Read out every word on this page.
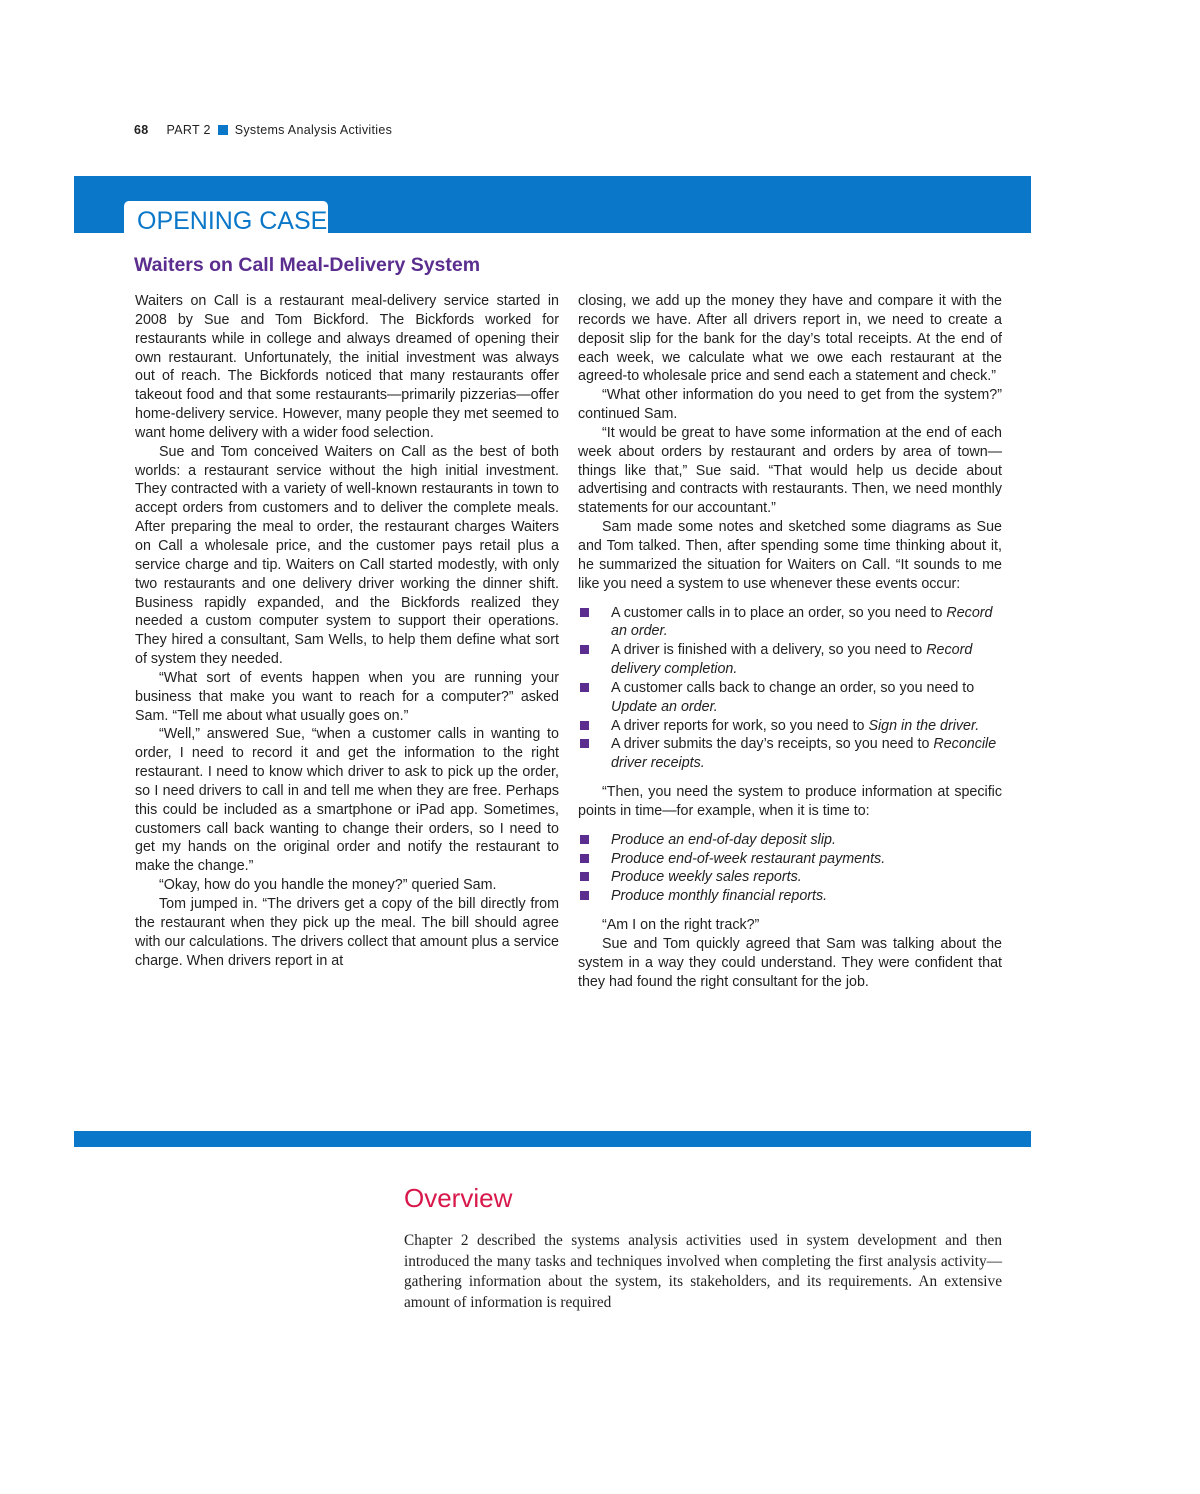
68 PART 2 Systems Analysis Activities
OPENING CASE
Waiters on Call Meal-Delivery System

Waiters on Call is a restaurant meal-delivery service started in 2008 by Sue and Tom Bickford. The Bickfords worked for restaurants while in college and always dreamed of opening their own restaurant. Unfortunately, the initial investment was always out of reach. The Bickfords noticed that many restaurants offer takeout food and that some restaurants—primarily pizzerias—offer home-delivery service. However, many people they met seemed to want home delivery with a wider food selection.

Sue and Tom conceived Waiters on Call as the best of both worlds: a restaurant service without the high initial investment. They contracted with a variety of well-known restaurants in town to accept orders from customers and to deliver the complete meals. After preparing the meal to order, the restaurant charges Waiters on Call a wholesale price, and the customer pays retail plus a service charge and tip. Waiters on Call started modestly, with only two restaurants and one delivery driver working the dinner shift. Business rapidly expanded, and the Bickfords realized they needed a custom computer system to support their operations. They hired a consultant, Sam Wells, to help them define what sort of system they needed.

“What sort of events happen when you are running your business that make you want to reach for a computer?” asked Sam. “Tell me about what usually goes on.”

“Well,” answered Sue, “when a customer calls in wanting to order, I need to record it and get the information to the right restaurant. I need to know which driver to ask to pick up the order, so I need drivers to call in and tell me when they are free. Perhaps this could be included as a smartphone or iPad app. Sometimes, customers call back wanting to change their orders, so I need to get my hands on the original order and notify the restaurant to make the change.”

“Okay, how do you handle the money?” queried Sam.

Tom jumped in. “The drivers get a copy of the bill directly from the restaurant when they pick up the meal. The bill should agree with our calculations. The drivers collect that amount plus a service charge. When drivers report in at

closing, we add up the money they have and compare it with the records we have. After all drivers report in, we need to create a deposit slip for the bank for the day’s total receipts. At the end of each week, we calculate what we owe each restaurant at the agreed-to wholesale price and send each a statement and check.”

“What other information do you need to get from the system?” continued Sam.

“It would be great to have some information at the end of each week about orders by restaurant and orders by area of town—things like that,” Sue said. “That would help us decide about advertising and contracts with restaurants. Then, we need monthly statements for our accountant.”

Sam made some notes and sketched some diagrams as Sue and Tom talked. Then, after spending some time thinking about it, he summarized the situation for Waiters on Call. “It sounds to me like you need a system to use whenever these events occur:

A customer calls in to place an order, so you need to Record an order.
A driver is finished with a delivery, so you need to Record delivery completion.
A customer calls back to change an order, so you need to Update an order.
A driver reports for work, so you need to Sign in the driver.
A driver submits the day’s receipts, so you need to Reconcile driver receipts.

“Then, you need the system to produce information at specific points in time—for example, when it is time to:

Produce an end-of-day deposit slip.
Produce end-of-week restaurant payments.
Produce weekly sales reports.
Produce monthly financial reports.

“Am I on the right track?”

Sue and Tom quickly agreed that Sam was talking about the system in a way they could understand. They were confident that they had found the right consultant for the job.

Overview

Chapter 2 described the systems analysis activities used in system development and then introduced the many tasks and techniques involved when completing the first analysis activity—gathering information about the system, its stakeholders, and its requirements. An extensive amount of information is required
